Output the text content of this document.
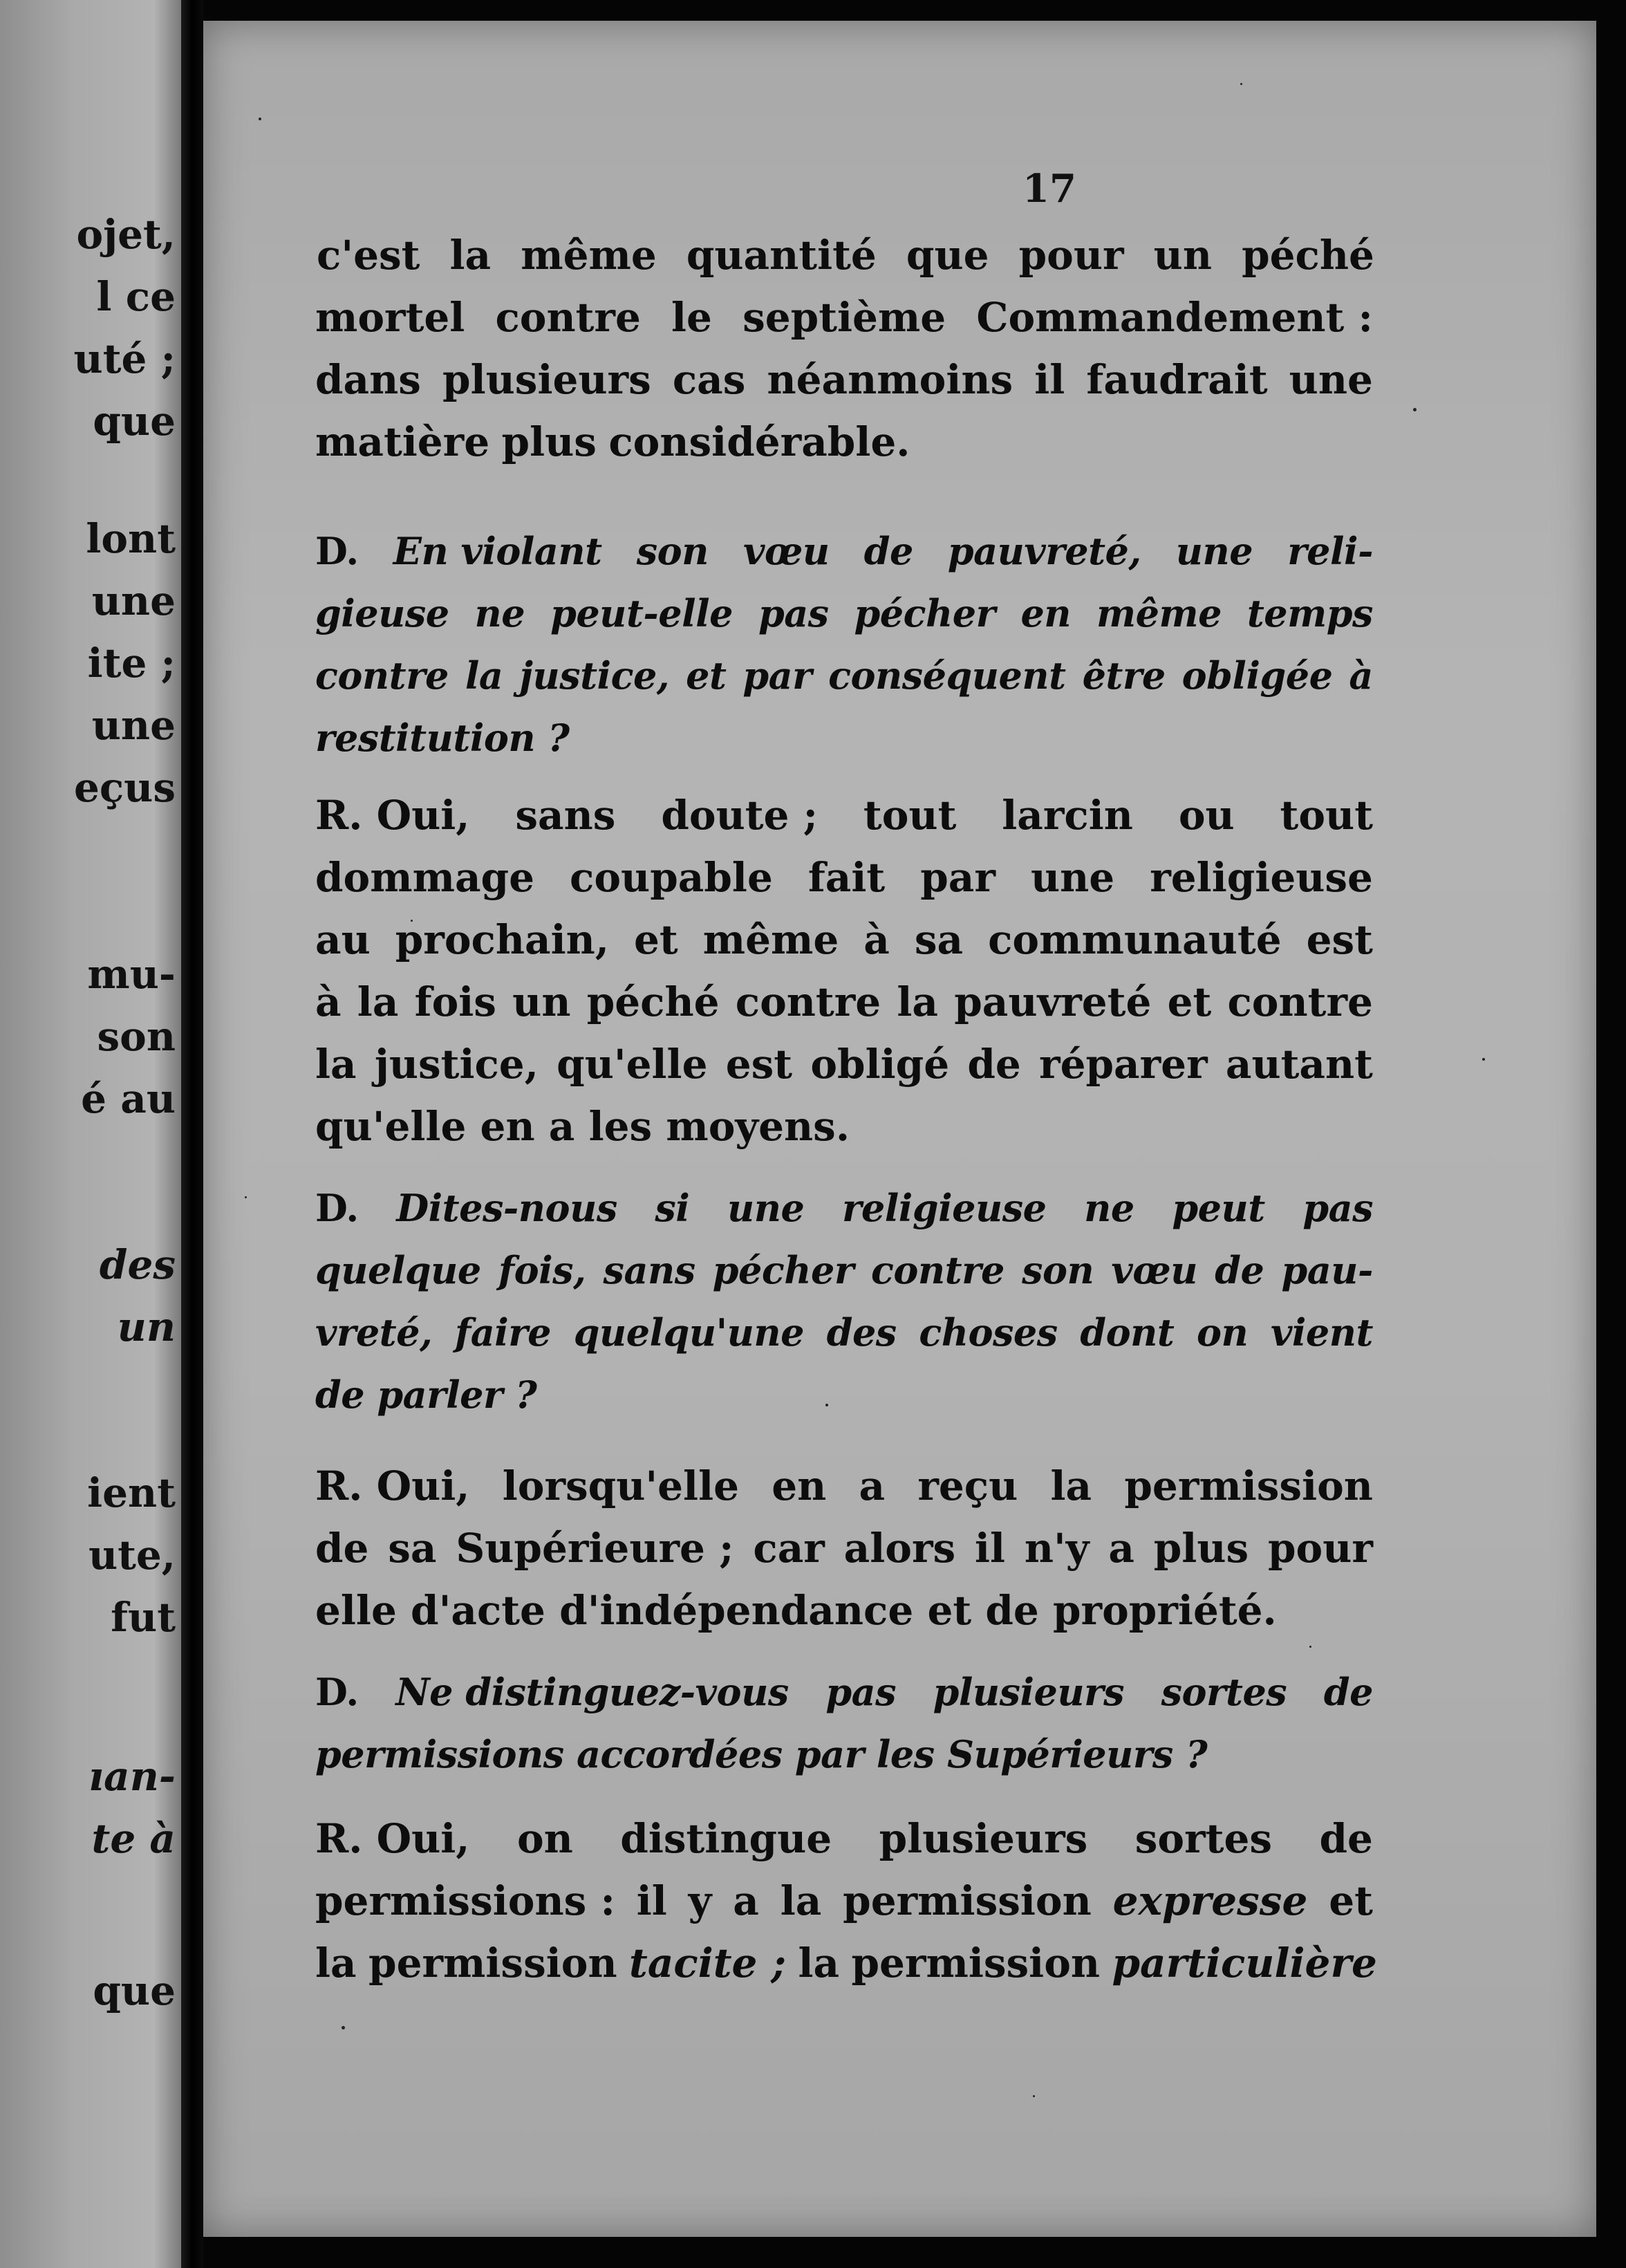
ojet,
l ce
uté ;
que
lont
une
ite ;
une
eçus
mu-
son
é au
des
un
ient
ute,
fut
ıan-
te à
que
17
c'est la même quantité que pour un péché
mortel contre le septième Commandement :
dans plusieurs cas néanmoins il faudrait une
matière plus considérable.
D. En violant son vœu de pauvreté, une reli-
gieuse ne peut-elle pas pécher en même temps
contre la justice, et par conséquent être obligée à
restitution ?
R. Oui, sans doute ; tout larcin ou tout
dommage coupable fait par une religieuse
au prochain, et même à sa communauté est
à la fois un péché contre la pauvreté et contre
la justice, qu'elle est obligé de réparer autant
qu'elle en a les moyens.
D. Dites-nous si une religieuse ne peut pas
quelque fois, sans pécher contre son vœu de pau-
vreté, faire quelqu'une des choses dont on vient
de parler ?
R. Oui, lorsqu'elle en a reçu la permission
de sa Supérieure ; car alors il n'y a plus pour
elle d'acte d'indépendance et de propriété.
D. Ne distinguez-vous pas plusieurs sortes de
permissions accordées par les Supérieurs ?
R. Oui, on distingue plusieurs sortes de
permissions : il y a la permission expresse et
la permission tacite ; la permission particulière
